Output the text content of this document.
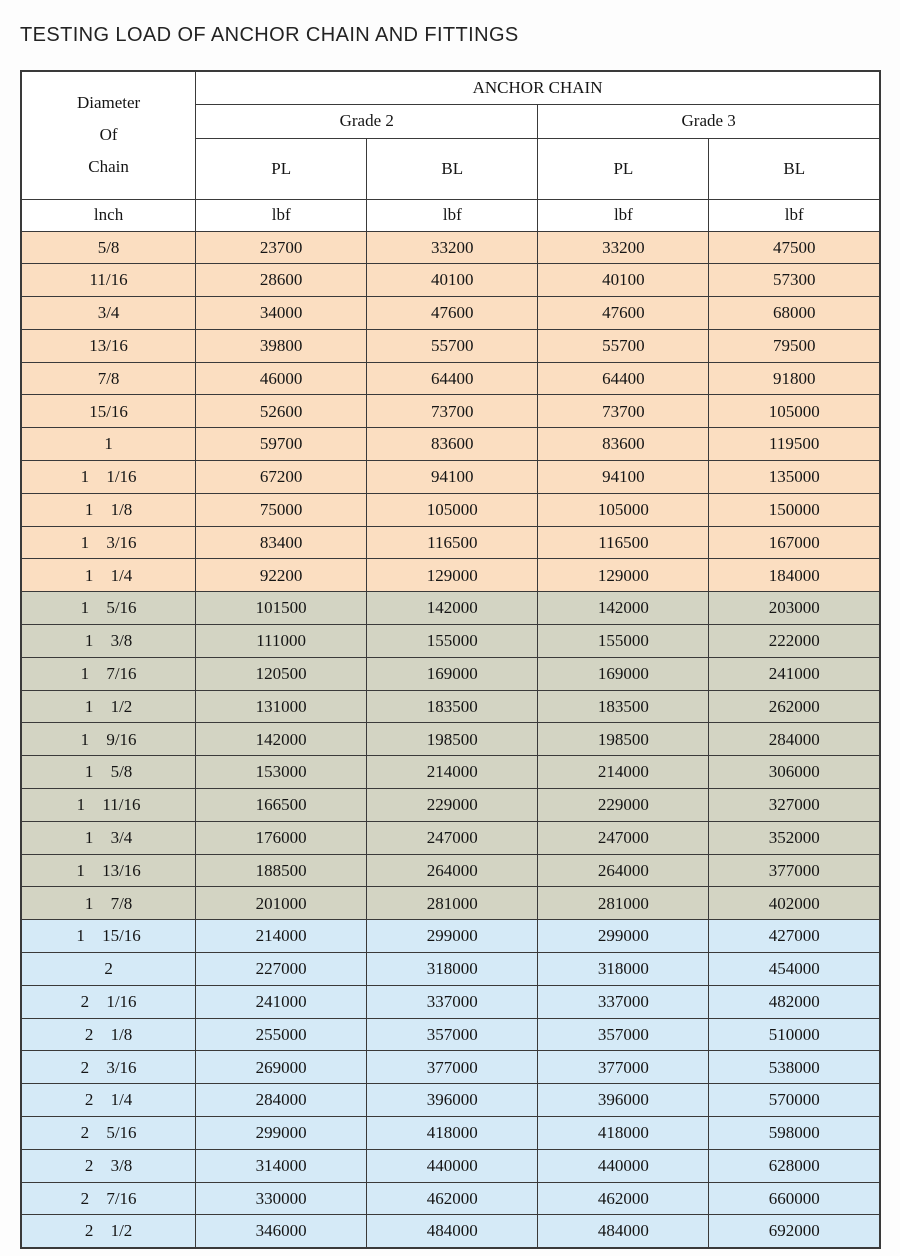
TESTING LOAD OF ANCHOR CHAIN AND FITTINGS
Diameter
Of
Chain	ANCHOR CHAIN			
	Grade 2		Grade 3	
	PL	BL	PL	BL
lnch	lbf	lbf	lbf	lbf
5/8	23700	33200	33200	47500
11/16	28600	40100	40100	57300
3/4	34000	47600	47600	68000
13/16	39800	55700	55700	79500
7/8	46000	64400	64400	91800
15/16	52600	73700	73700	105000
1	59700	83600	83600	119500
1 1/16	67200	94100	94100	135000
1 1/8	75000	105000	105000	150000
1 3/16	83400	116500	116500	167000
1 1/4	92200	129000	129000	184000
1 5/16	101500	142000	142000	203000
1 3/8	111000	155000	155000	222000
1 7/16	120500	169000	169000	241000
1 1/2	131000	183500	183500	262000
1 9/16	142000	198500	198500	284000
1 5/8	153000	214000	214000	306000
1 11/16	166500	229000	229000	327000
1 3/4	176000	247000	247000	352000
1 13/16	188500	264000	264000	377000
1 7/8	201000	281000	281000	402000
1 15/16	214000	299000	299000	427000
2	227000	318000	318000	454000
2 1/16	241000	337000	337000	482000
2 1/8	255000	357000	357000	510000
2 3/16	269000	377000	377000	538000
2 1/4	284000	396000	396000	570000
2 5/16	299000	418000	418000	598000
2 3/8	314000	440000	440000	628000
2 7/16	330000	462000	462000	660000
2 1/2	346000	484000	484000	692000
